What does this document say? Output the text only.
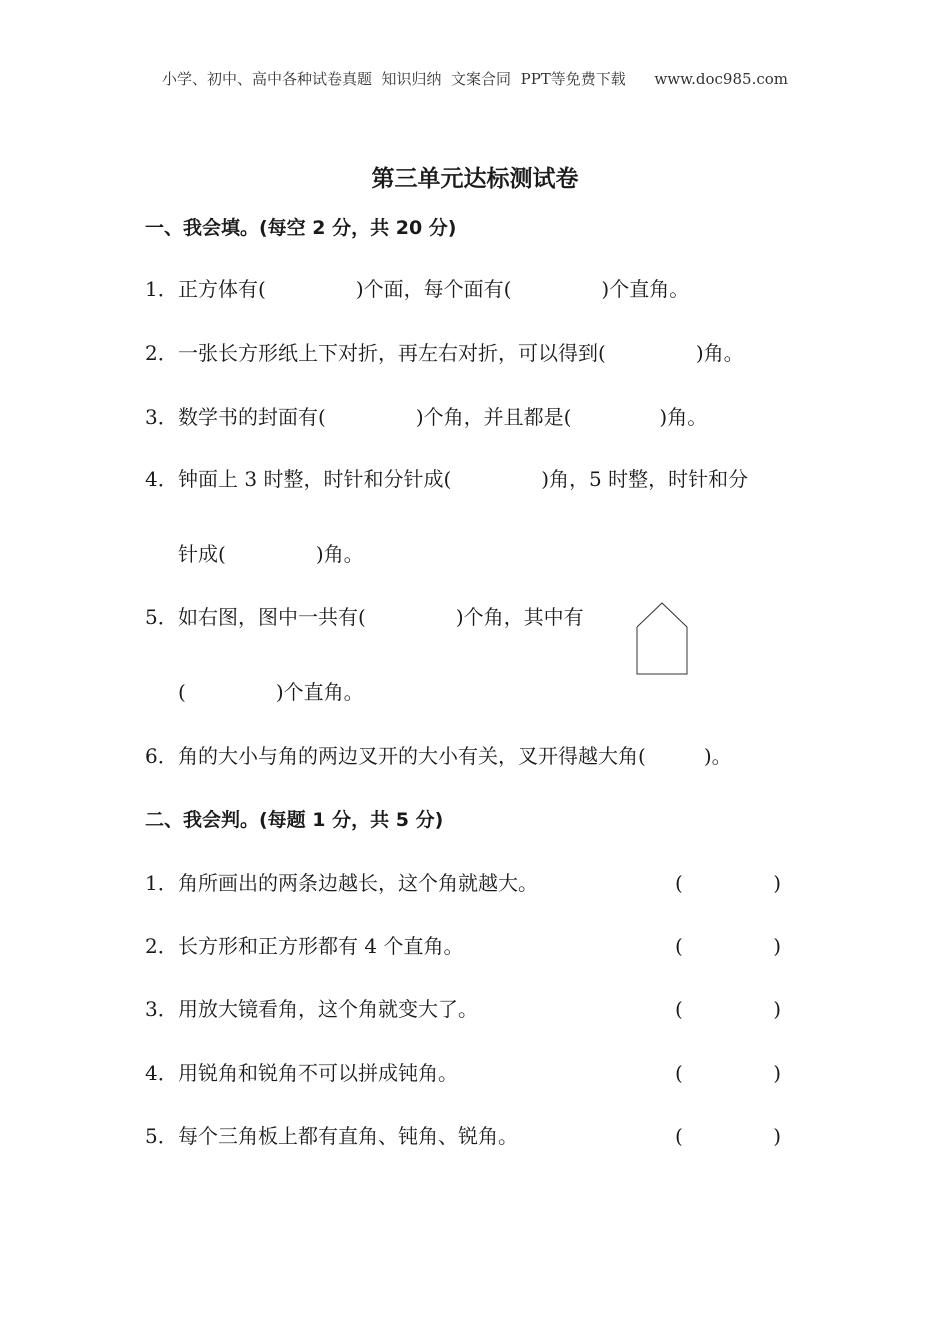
小学、初中、高中各种试卷真题  知识归纳  文案合同  PPT等免费下载      www.doc985.com
第三单元达标测试卷
一、我会填。(每空 2 分，共 20 分)
1．正方体有(	)个面，每个面有(	)个直角。
2．一张长方形纸上下对折，再左右对折，可以得到(	)角。
3．数学书的封面有(	)个角，并且都是(	)角。
4．钟面上 3 时整，时针和分针成(	)角，5 时整，时针和分
针成(	)角。
5．如右图，图中一共有(	)个角，其中有
(	)个直角。
6．角的大小与角的两边叉开的大小有关，叉开得越大角(	)。
二、我会判。(每题 1 分，共 5 分)
1．角所画出的两条边越长，这个角就越大。	(	)
2．长方形和正方形都有 4 个直角。	(	)
3．用放大镜看角，这个角就变大了。	(	)
4．用锐角和锐角不可以拼成钝角。	(	)
5．每个三角板上都有直角、钝角、锐角。	(	)
